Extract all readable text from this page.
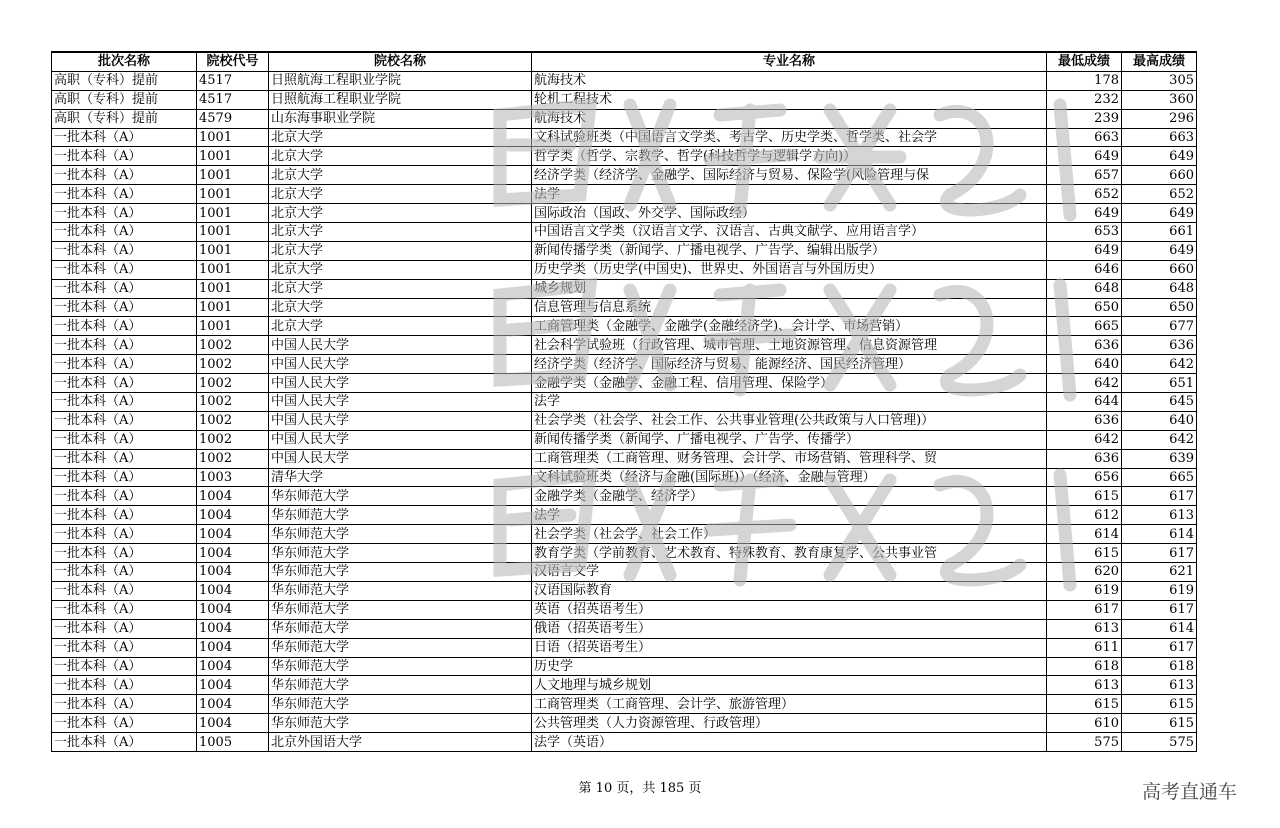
批次名称	院校代号	院校名称	专业名称	最低成绩	最高成绩
高职（专科）提前	4517	日照航海工程职业学院	航海技术	178	305
高职（专科）提前	4517	日照航海工程职业学院	轮机工程技术	232	360
高职（专科）提前	4579	山东海事职业学院	航海技术	239	296
一批本科（A）	1001	北京大学	文科试验班类（中国语言文学类、考古学、历史学类、哲学类、社会学	663	663
一批本科（A）	1001	北京大学	哲学类（哲学、宗教学、哲学(科技哲学与逻辑学方向)）	649	649
一批本科（A）	1001	北京大学	经济学类（经济学、金融学、国际经济与贸易、保险学(风险管理与保	657	660
一批本科（A）	1001	北京大学	法学	652	652
一批本科（A）	1001	北京大学	国际政治（国政、外交学、国际政经）	649	649
一批本科（A）	1001	北京大学	中国语言文学类（汉语言文学、汉语言、古典文献学、应用语言学）	653	661
一批本科（A）	1001	北京大学	新闻传播学类（新闻学、广播电视学、广告学、编辑出版学）	649	649
一批本科（A）	1001	北京大学	历史学类（历史学(中国史)、世界史、外国语言与外国历史）	646	660
一批本科（A）	1001	北京大学	城乡规划	648	648
一批本科（A）	1001	北京大学	信息管理与信息系统	650	650
一批本科（A）	1001	北京大学	工商管理类（金融学、金融学(金融经济学)、会计学、市场营销）	665	677
一批本科（A）	1002	中国人民大学	社会科学试验班（行政管理、城市管理、土地资源管理、信息资源管理	636	636
一批本科（A）	1002	中国人民大学	经济学类（经济学、国际经济与贸易、能源经济、国民经济管理）	640	642
一批本科（A）	1002	中国人民大学	金融学类（金融学、金融工程、信用管理、保险学）	642	651
一批本科（A）	1002	中国人民大学	法学	644	645
一批本科（A）	1002	中国人民大学	社会学类（社会学、社会工作、公共事业管理(公共政策与人口管理)）	636	640
一批本科（A）	1002	中国人民大学	新闻传播学类（新闻学、广播电视学、广告学、传播学）	642	642
一批本科（A）	1002	中国人民大学	工商管理类（工商管理、财务管理、会计学、市场营销、管理科学、贸	636	639
一批本科（A）	1003	清华大学	文科试验班类（经济与金融(国际班)）（经济、金融与管理）	656	665
一批本科（A）	1004	华东师范大学	金融学类（金融学、经济学）	615	617
一批本科（A）	1004	华东师范大学	法学	612	613
一批本科（A）	1004	华东师范大学	社会学类（社会学、社会工作）	614	614
一批本科（A）	1004	华东师范大学	教育学类（学前教育、艺术教育、特殊教育、教育康复学、公共事业管	615	617
一批本科（A）	1004	华东师范大学	汉语言文学	620	621
一批本科（A）	1004	华东师范大学	汉语国际教育	619	619
一批本科（A）	1004	华东师范大学	英语（招英语考生）	617	617
一批本科（A）	1004	华东师范大学	俄语（招英语考生）	613	614
一批本科（A）	1004	华东师范大学	日语（招英语考生）	611	617
一批本科（A）	1004	华东师范大学	历史学	618	618
一批本科（A）	1004	华东师范大学	人文地理与城乡规划	613	613
一批本科（A）	1004	华东师范大学	工商管理类（工商管理、会计学、旅游管理）	615	615
一批本科（A）	1004	华东师范大学	公共管理类（人力资源管理、行政管理）	610	615
一批本科（A）	1005	北京外国语大学	法学（英语）	575	575
第 10 页，共 185 页	高考直通车
